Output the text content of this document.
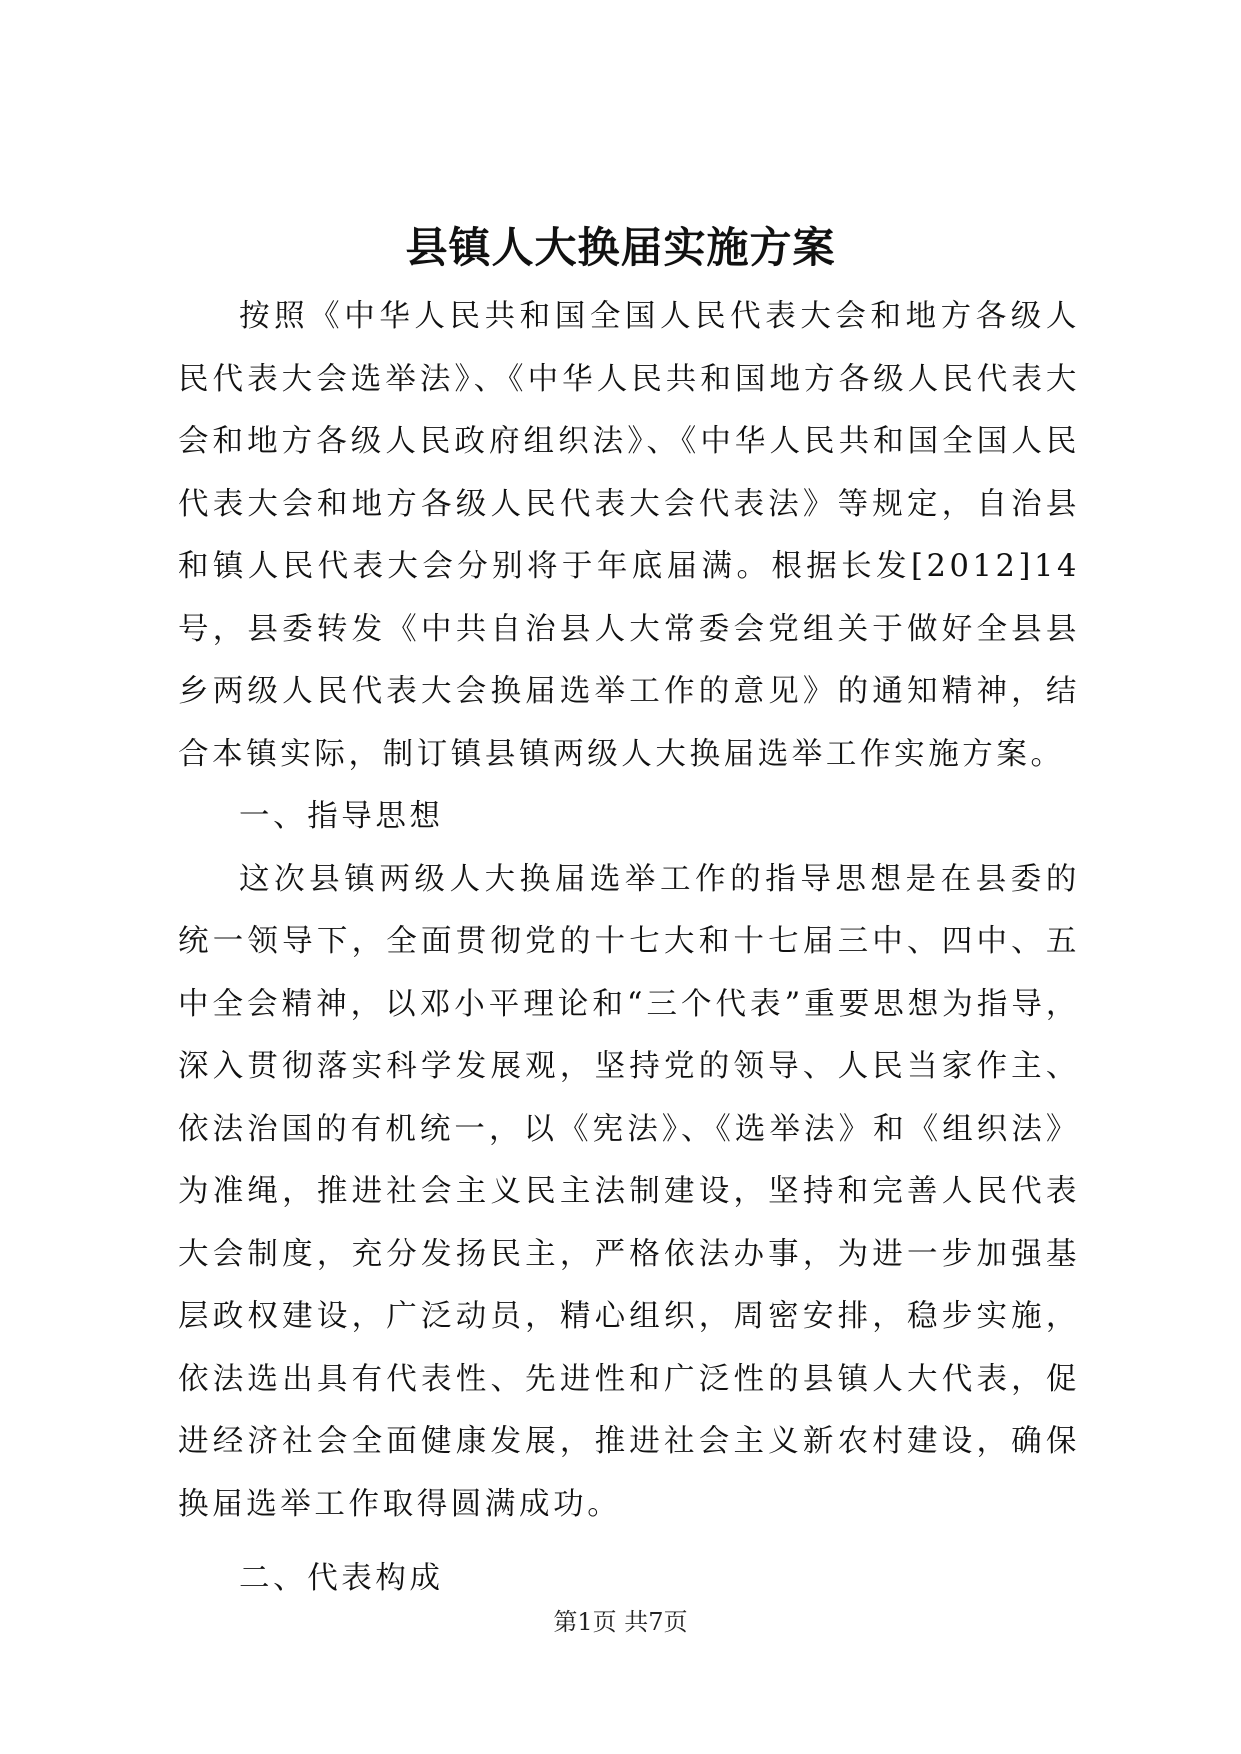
县镇人大换届实施方案

按照《中华人民共和国全国人民代表大会和地方各级人民代表大会选举法》、《中华人民共和国地方各级人民代表大会和地方各级人民政府组织法》、《中华人民共和国全国人民代表大会和地方各级人民代表大会代表法》等规定，自治县和镇人民代表大会分别将于年底届满。根据长发[2012]14号，县委转发《中共自治县人大常委会党组关于做好全县县乡两级人民代表大会换届选举工作的意见》的通知精神，结合本镇实际，制订镇县镇两级人大换届选举工作实施方案。

一、指导思想

这次县镇两级人大换届选举工作的指导思想是在县委的统一领导下，全面贯彻党的十七大和十七届三中、四中、五中全会精神，以邓小平理论和“三个代表”重要思想为指导，深入贯彻落实科学发展观，坚持党的领导、人民当家作主、依法治国的有机统一，以《宪法》、《选举法》和《组织法》为准绳，推进社会主义民主法制建设，坚持和完善人民代表大会制度，充分发扬民主，严格依法办事，为进一步加强基层政权建设，广泛动员，精心组织，周密安排，稳步实施，依法选出具有代表性、先进性和广泛性的县镇人大代表，促进经济社会全面健康发展，推进社会主义新农村建设，确保换届选举工作取得圆满成功。

二、代表构成

第1页 共7页
